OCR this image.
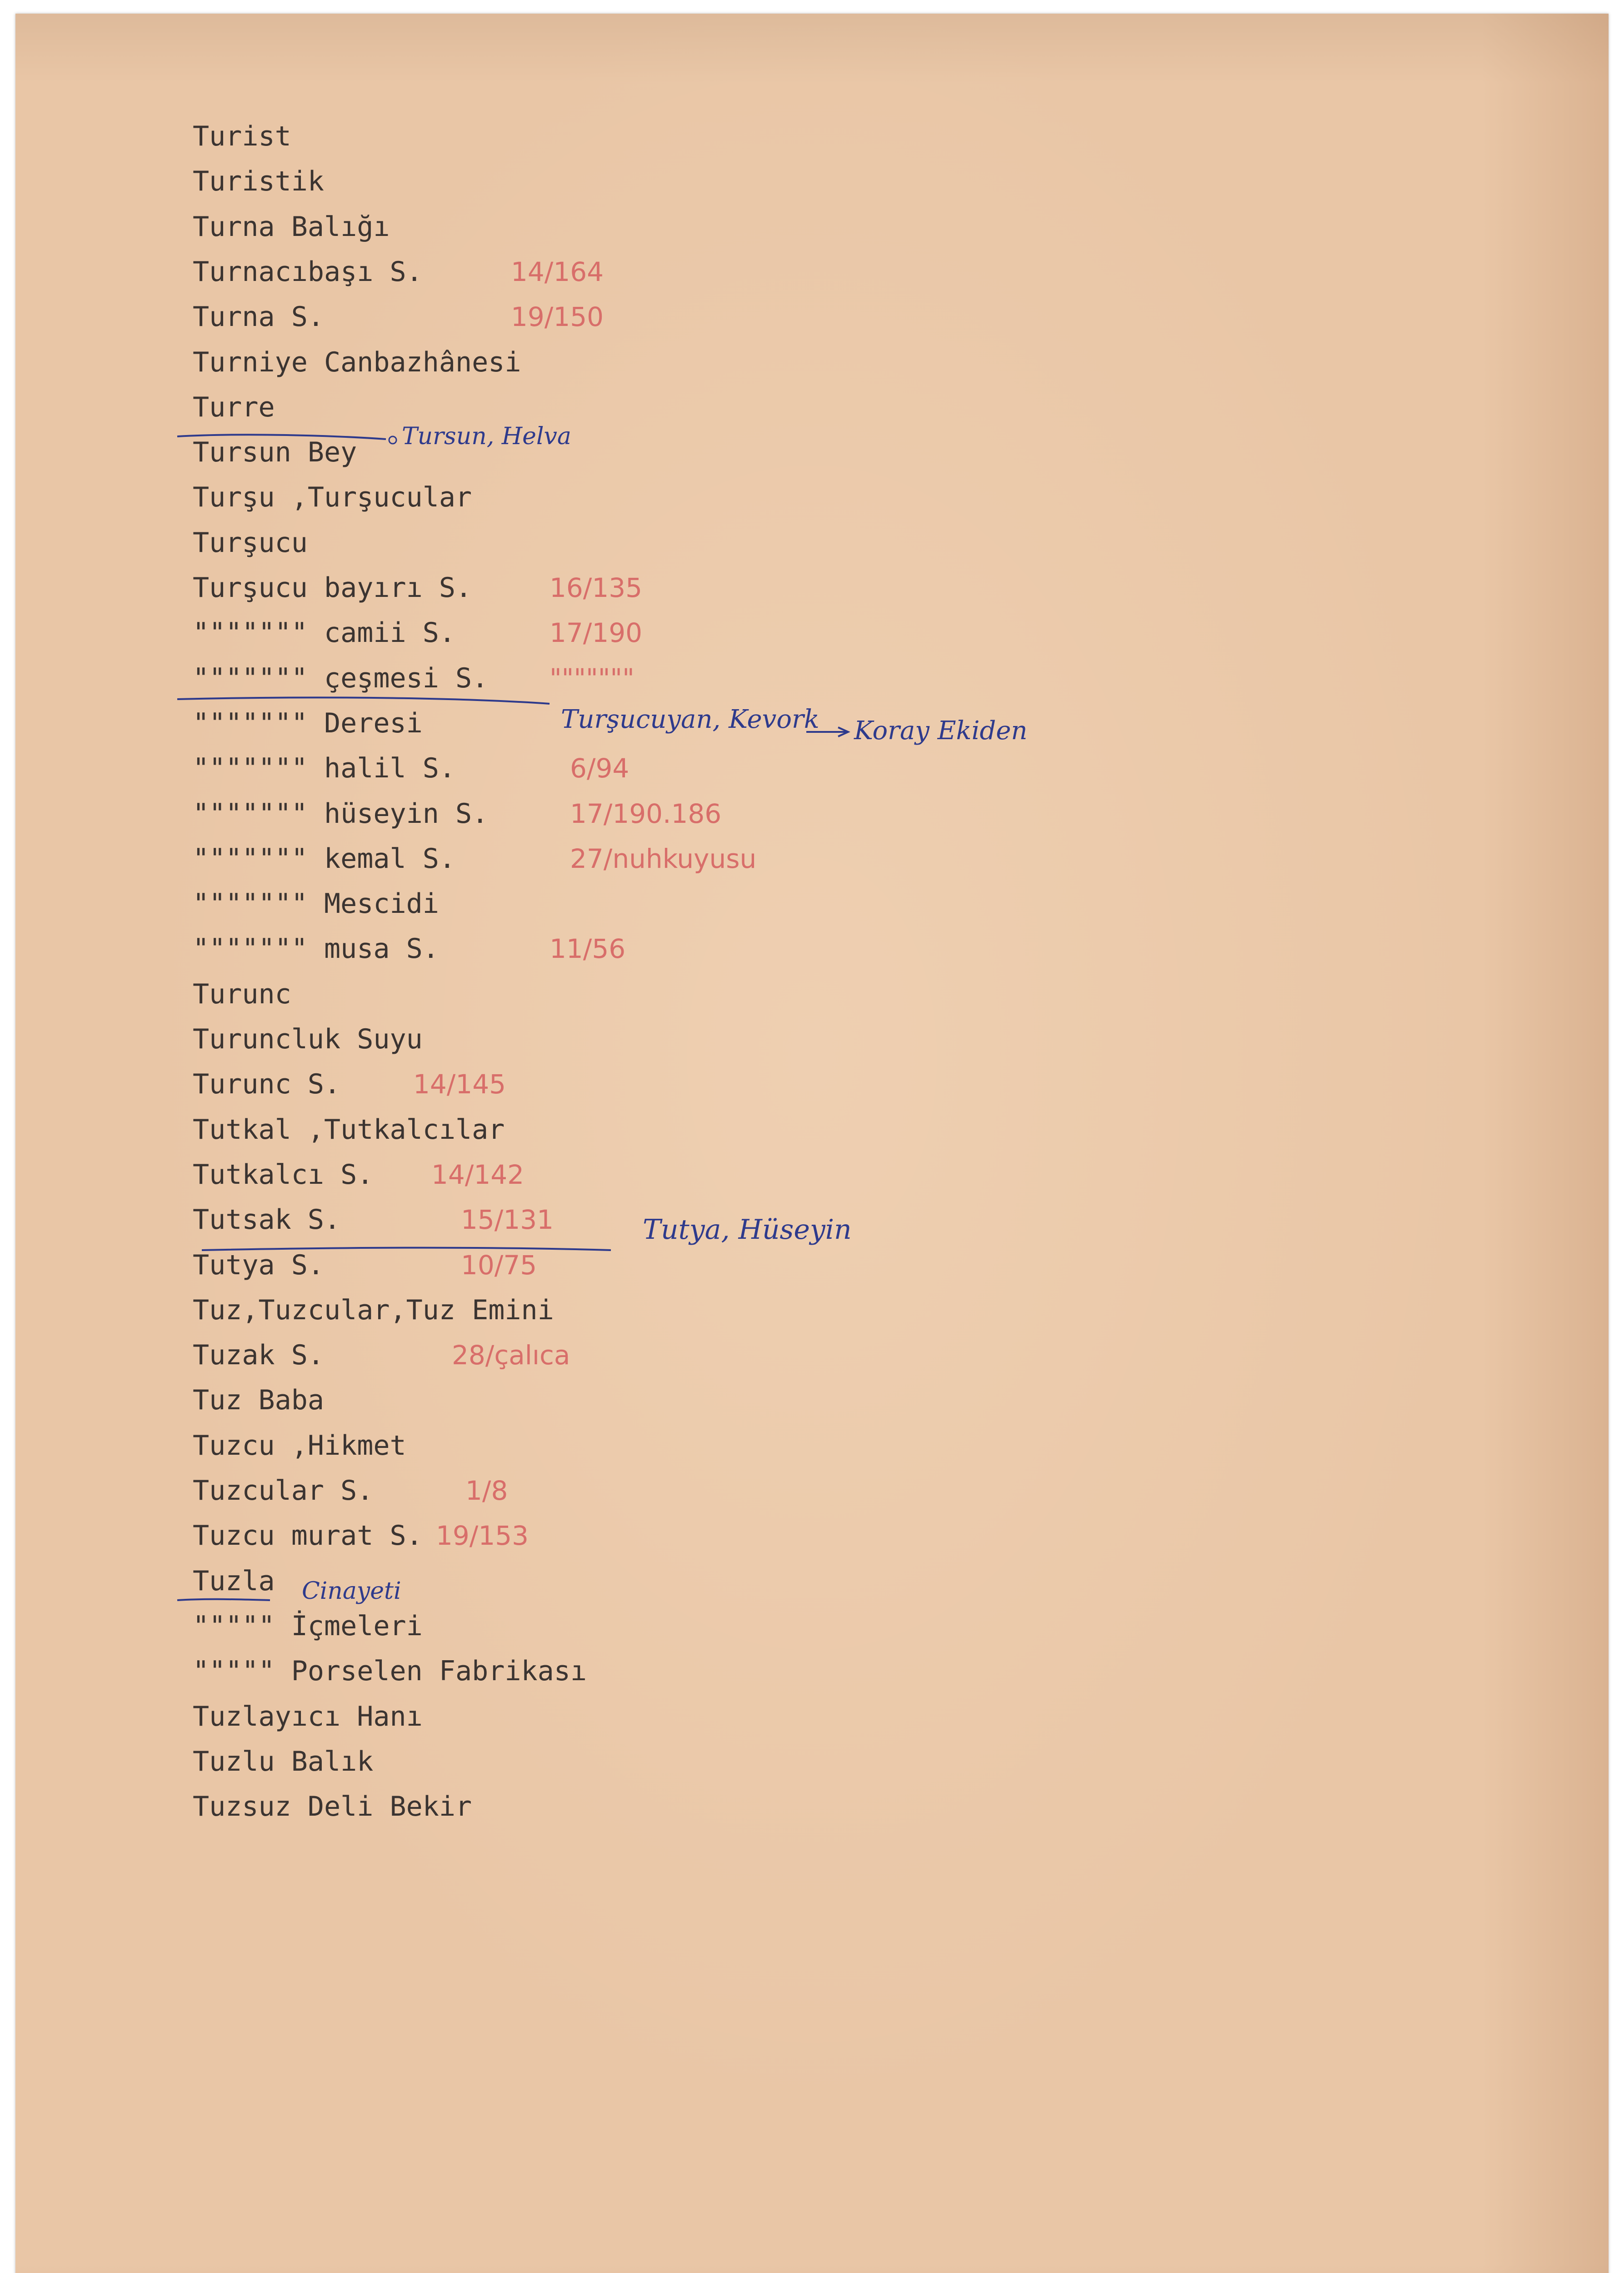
Turist
Turistik
Turna Balığı
Turnacıbaşı S.	14/164
Turna S.	19/150
Turniye Canbazhânesi
Turre
Tursun Bey
Turşu ,Turşucular
Turşucu
Turşucu bayırı S.	16/135
""""""" camii S.	17/190
""""""" çeşmesi S. """""""
""""""" Deresi
""""""" halil S.	6/94
""""""" hüseyin S.	17/190.186
""""""" kemal S.	27/nuhkuyusu
""""""" Mescidi
""""""" musa S.	11/56
Turunc
Turuncluk Suyu
Turunc S.	14/145
Tutkal ,Tutkalcılar
Tutkalcı S. 14/142
Tutsak S.	15/131
Tutya S.	10/75
Tuz,Tuzcular,Tuz Emini
Tuzak S.	28/çalıca
Tuz Baba
Tuzcu ,Hikmet
Tuzcular S.	1/8
Tuzcu murat S. 19/153
Tuzla
""""" İçmeleri
""""" Porselen Fabrikası
Tuzlayıcı Hanı
Tuzlu Balık
Tuzsuz Deli Bekir
Tursun, Helva
Turşucuyan, Kevork Koray Ekiden
Tutya, Hüseyin
Cinayeti
